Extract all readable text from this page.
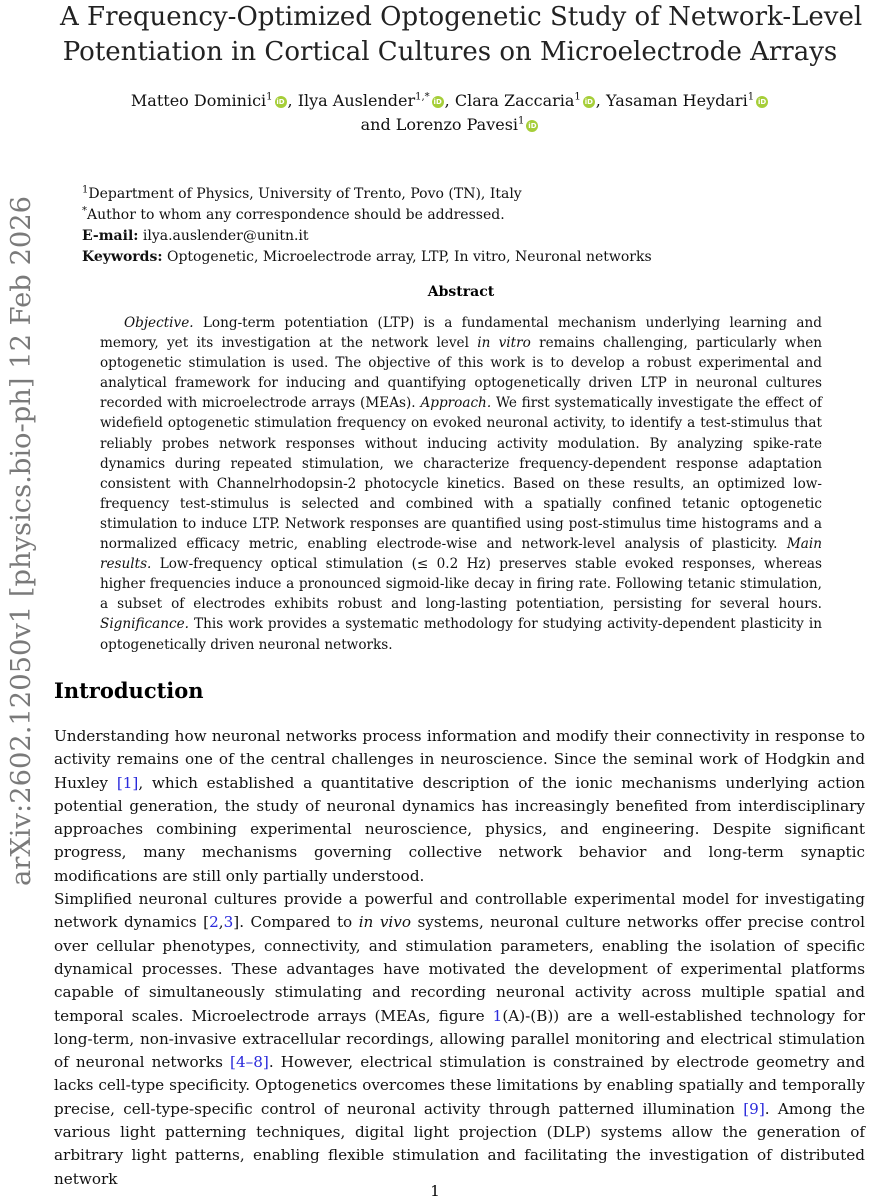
arXiv:2602.12050v1 [physics.bio-ph] 12 Feb 2026
A Frequency-Optimized Optogenetic Study of Network-Level
Potentiation in Cortical Cultures on Microelectrode Arrays
Matteo Dominici$^1$ iD , Ilya Auslender$^{1,*}$ iD , Clara Zaccaria$^1$ iD , Yasaman Heydari$^1$ iD
and Lorenzo Pavesi$^1$ iD
$^1$Department of Physics, University of Trento, Povo (TN), Italy
*Author to whom any correspondence should be addressed.
E-mail: ilya.auslender@unitn.it
Keywords: Optogenetic, Microelectrode array, LTP, In vitro, Neuronal networks
Abstract

Objective. Long-term potentiation (LTP) is a fundamental mechanism underlying learning and memory, yet its investigation at the network level in vitro remains challenging, particularly when optogenetic stimulation is used. The objective of this work is to develop a robust experimental and analytical framework for inducing and quantifying optogenetically driven LTP in neuronal cultures recorded with microelectrode arrays (MEAs). Approach. We first systematically investigate the effect of widefield optogenetic stimulation frequency on evoked neuronal activity, to identify a test-stimulus that reliably probes network responses without inducing activity modulation. By analyzing spike-rate dynamics during repeated stimulation, we characterize frequency-dependent response adaptation consistent with Channelrhodopsin-2 photocycle kinetics. Based on these results, an optimized low-frequency test-stimulus is selected and combined with a spatially confined tetanic optogenetic stimulation to induce LTP. Network responses are quantified using post-stimulus time histograms and a normalized efficacy metric, enabling electrode-wise and network-level analysis of plasticity. Main results. Low-frequency optical stimulation (≤ 0.2 Hz) preserves stable evoked responses, whereas higher frequencies induce a pronounced sigmoid-like decay in firing rate. Following tetanic stimulation, a subset of electrodes exhibits robust and long-lasting potentiation, persisting for several hours. Significance. This work provides a systematic methodology for studying activity-dependent plasticity in optogenetically driven neuronal networks.

Introduction

Understanding how neuronal networks process information and modify their connectivity in response to activity remains one of the central challenges in neuroscience. Since the seminal work of Hodgkin and Huxley [1], which established a quantitative description of the ionic mechanisms underlying action potential generation, the study of neuronal dynamics has increasingly benefited from interdisciplinary approaches combining experimental neuroscience, physics, and engineering. Despite significant progress, many mechanisms governing collective network behavior and long-term synaptic modifications are still only partially understood.

Simplified neuronal cultures provide a powerful and controllable experimental model for investigating network dynamics [2,3]. Compared to in vivo systems, neuronal culture networks offer precise control over cellular phenotypes, connectivity, and stimulation parameters, enabling the isolation of specific dynamical processes. These advantages have motivated the development of experimental platforms capable of simultaneously stimulating and recording neuronal activity across multiple spatial and temporal scales. Microelectrode arrays (MEAs, figure 1(A)-(B)) are a well-established technology for long-term, non-invasive extracellular recordings, allowing parallel monitoring and electrical stimulation of neuronal networks [4–8]. However, electrical stimulation is constrained by electrode geometry and lacks cell-type specificity. Optogenetics overcomes these limitations by enabling spatially and temporally precise, cell-type-specific control of neuronal activity through patterned illumination [9]. Among the various light patterning techniques, digital light projection (DLP) systems allow the generation of arbitrary light patterns, enabling flexible stimulation and facilitating the investigation of distributed network

1
